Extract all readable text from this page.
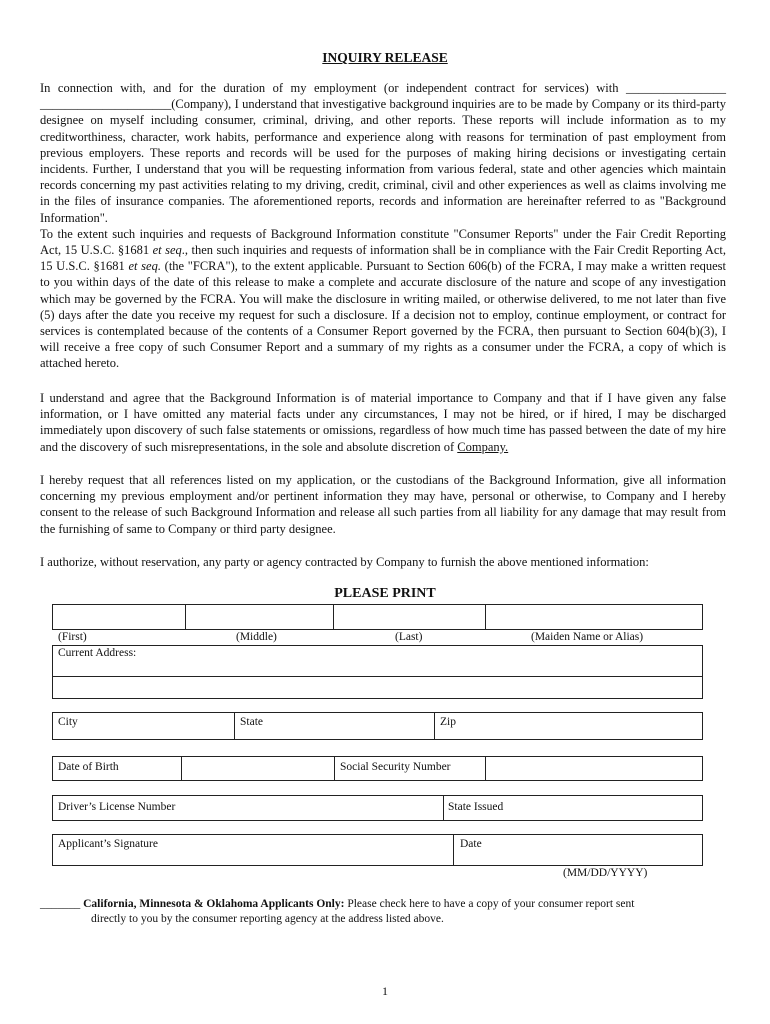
INQUIRY RELEASE

In connection with, and for the duration of my employment (or independent contract for services) with ________________ _____________________(Company), I understand that investigative background inquiries are to be made by Company or its third-party designee on myself including consumer, criminal, driving, and other reports. These reports will include information as to my creditworthiness, character, work habits, performance and experience along with reasons for termination of past employment from previous employers. These reports and records will be used for the purposes of making hiring decisions or investigating certain incidents. Further, I understand that you will be requesting information from various federal, state and other agencies which maintain records concerning my past activities relating to my driving, credit, criminal, civil and other experiences as well as claims involving me in the files of insurance companies. The aforementioned reports, records and information are hereinafter referred to as "Background Information".
To the extent such inquiries and requests of Background Information constitute "Consumer Reports" under the Fair Credit Reporting Act, 15 U.S.C. §1681 et seq., then such inquiries and requests of information shall be in compliance with the Fair Credit Reporting Act, 15 U.S.C. §1681 et seq. (the "FCRA"), to the extent applicable. Pursuant to Section 606(b) of the FCRA, I may make a written request to you within days of the date of this release to make a complete and accurate disclosure of the nature and scope of any investigation which may be governed by the FCRA. You will make the disclosure in writing mailed, or otherwise delivered, to me not later than five (5) days after the date you receive my request for such a disclosure. If a decision not to employ, continue employment, or contract for services is contemplated because of the contents of a Consumer Report governed by the FCRA, then pursuant to Section 604(b)(3), I will receive a free copy of such Consumer Report and a summary of my rights as a consumer under the FCRA, a copy of which is attached hereto.

I understand and agree that the Background Information is of material importance to Company and that if I have given any false information, or I have omitted any material facts under any circumstances, I may not be hired, or if hired, I may be discharged immediately upon discovery of such false statements or omissions, regardless of how much time has passed between the date of my hire and the discovery of such misrepresentations, in the sole and absolute discretion of Company.

I hereby request that all references listed on my application, or the custodians of the Background Information, give all information concerning my previous employment and/or pertinent information they may have, personal or otherwise, to Company and I hereby consent to the release of such Background Information and release all such parties from all liability for any damage that may result from the furnishing of same to Company or third party designee.

I authorize, without reservation, any party or agency contracted by Company to furnish the above mentioned information:

PLEASE PRINT
(First)	(Middle)	(Last)	(Maiden Name or Alias)
Current Address:
City	State	Zip
Date of Birth	Social Security Number
Driver’s License Number	State Issued
Applicant’s Signature	Date
(MM/DD/YYYY)
_______ California, Minnesota & Oklahoma Applicants Only: Please check here to have a copy of your consumer report sent
directly to you by the consumer reporting agency at the address listed above.
1
